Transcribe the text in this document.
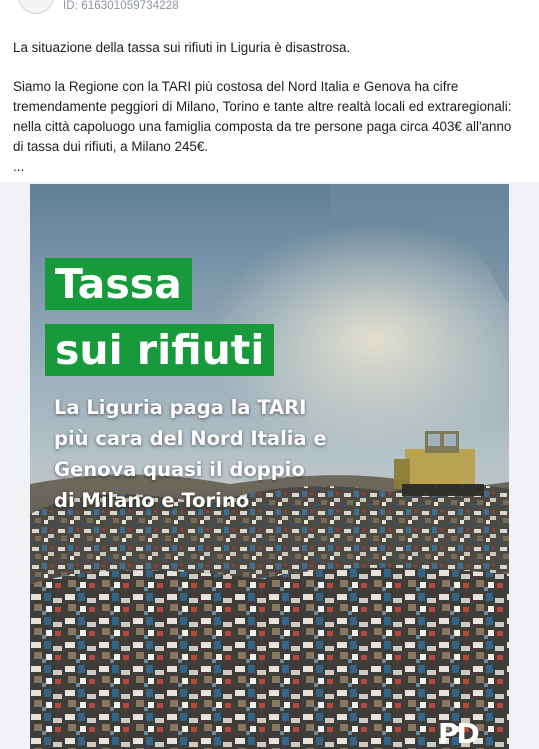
ID: 616301059734228

La situazione della tassa sui rifiuti in Liguria è disastrosa.

Siamo la Regione con la TARI più costosa del Nord Italia e Genova ha cifre tremendamente peggiori di Milano, Torino e tante altre realtà locali ed extraregionali: nella città capoluogo una famiglia composta da tre persone paga circa 403€ all'anno di tassa dui rifiuti, a Milano 245€.

...

Tassa
sui rifiuti
La Liguria paga la TARI
più cara del Nord Italia e
Genova quasi il doppio
di Milano e Torino
PD
